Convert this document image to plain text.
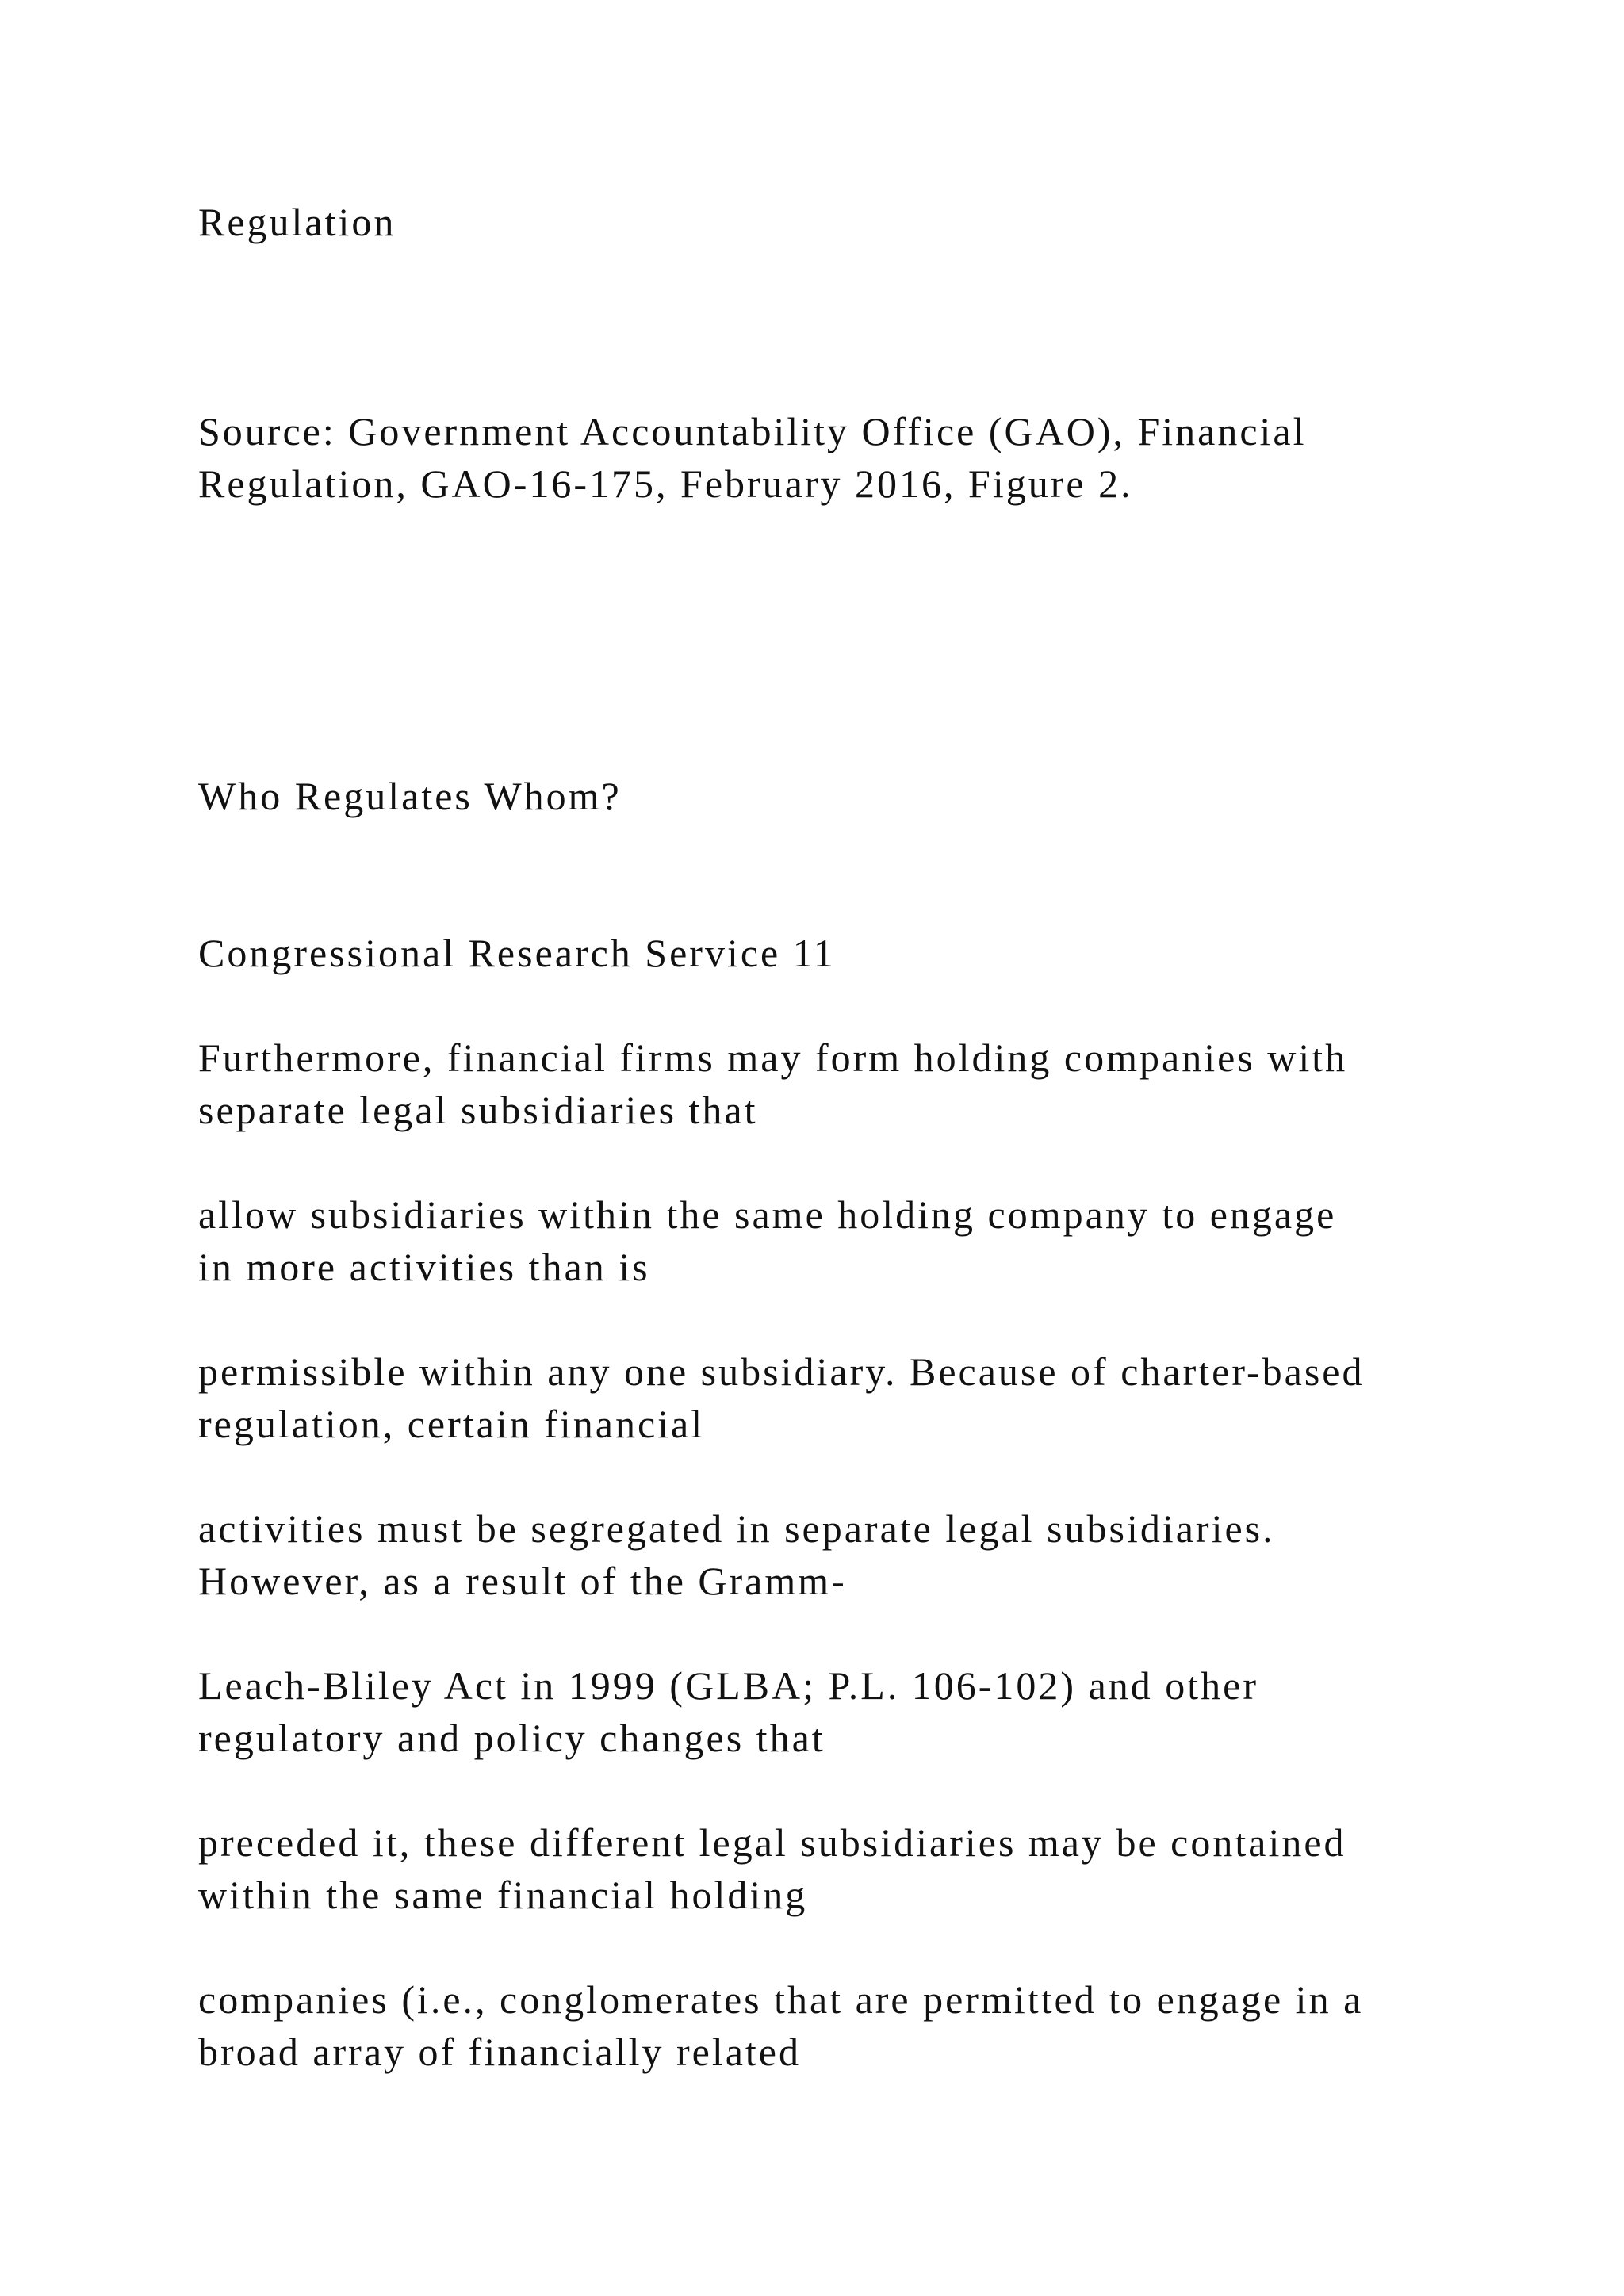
Regulation

Source: Government Accountability Office (GAO), Financial

Regulation, GAO-16-175, February 2016, Figure 2.

Who Regulates Whom?

Congressional Research Service 11

Furthermore, financial firms may form holding companies with

separate legal subsidiaries that

allow subsidiaries within the same holding company to engage

in more activities than is

permissible within any one subsidiary. Because of charter-based

regulation, certain financial

activities must be segregated in separate legal subsidiaries.

However, as a result of the Gramm-

Leach-Bliley Act in 1999 (GLBA; P.L. 106-102) and other

regulatory and policy changes that

preceded it, these different legal subsidiaries may be contained

within the same financial holding

companies (i.e., conglomerates that are permitted to engage in a

broad array of financially related
